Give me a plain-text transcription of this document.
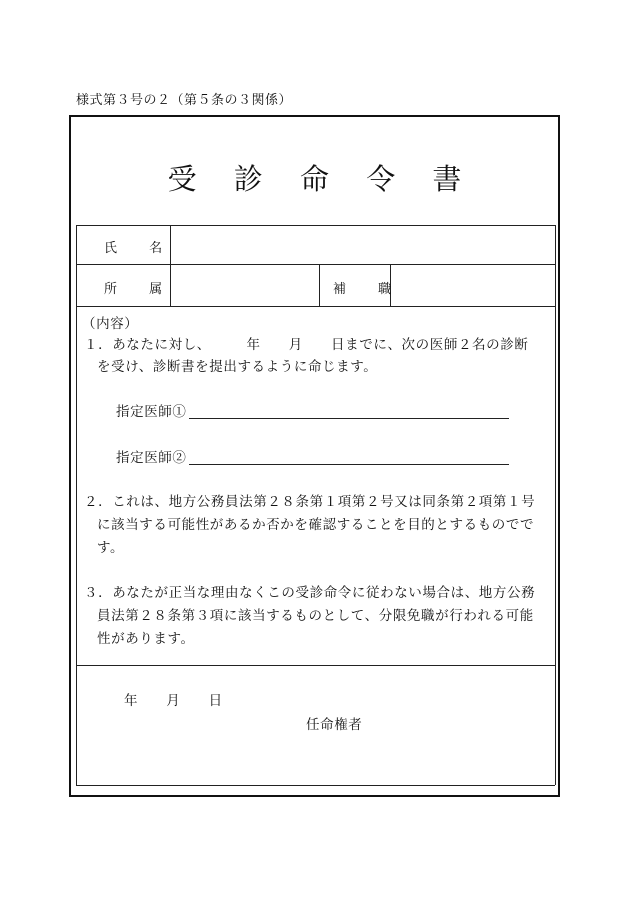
様式第３号の２（第５条の３関係）
受 診 命 令 書
氏 名
所 属	補 職
（内容）
１．あなたに対し、　　　年　　月　　日までに、次の医師２名の診断
を受け、診断書を提出するように命じます。
指定医師①
指定医師②
２．これは、地方公務員法第２８条第１項第２号又は同条第２項第１号
に該当する可能性があるか否かを確認することを目的とするものでで
す。
３．あなたが正当な理由なくこの受診命令に従わない場合は、地方公務
員法第２８条第３項に該当するものとして、分限免職が行われる可能
性があります。
年　　月　　日
任命権者
